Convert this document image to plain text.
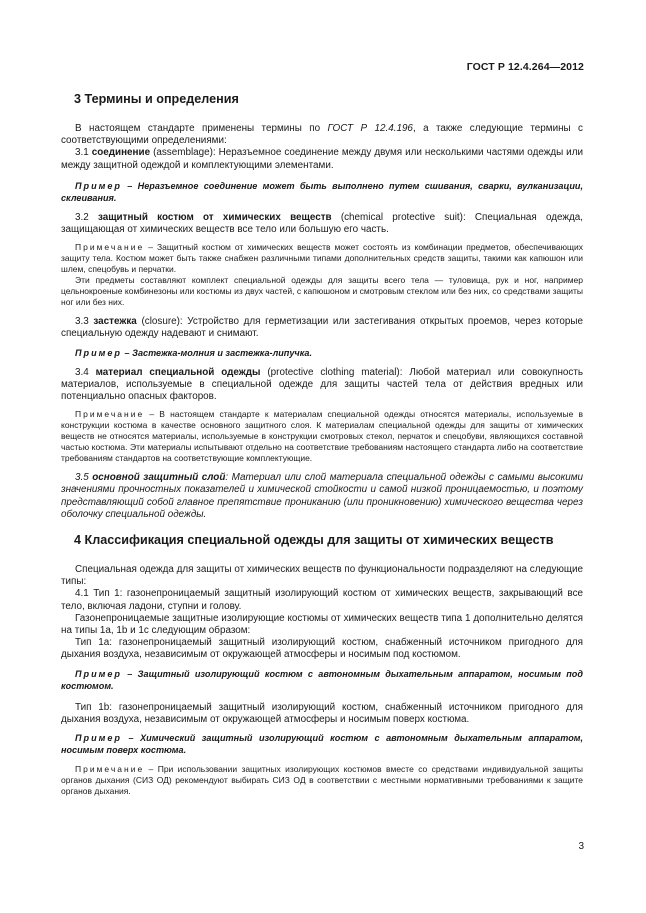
ГОСТ Р 12.4.264—2012
3 Термины и определения

В настоящем стандарте применены термины по ГОСТ Р 12.4.196, а также следующие термины с соответствующими определениями:

3.1 соединение (assemblage): Неразъемное соединение между двумя или несколькими частями одежды или между защитной одеждой и комплектующими элементами.

Пример – Неразъемное соединение может быть выполнено путем сшивания, сварки, вулканизации, склеивания.

3.2 защитный костюм от химических веществ (chemical protective suit): Специальная одежда, защищающая от химических веществ все тело или большую его часть.

Примечание – Защитный костюм от химических веществ может состоять из комбинации предметов, обеспечивающих защиту тела. Костюм может быть также снабжен различными типами дополнительных средств защиты, такими как капюшон или шлем, спецобувь и перчатки.

Эти предметы составляют комплект специальной одежды для защиты всего тела — туловища, рук и ног, например цельнокроеные комбинезоны или костюмы из двух частей, с капюшоном и смотровым стеклом или без них, со средствами защиты ног или без них.

3.3 застежка (closure): Устройство для герметизации или застегивания открытых проемов, через которые специальную одежду надевают и снимают.

Пример – Застежка-молния и застежка-липучка.

3.4 материал специальной одежды (protective clothing material): Любой материал или совокупность материалов, используемые в специальной одежде для защиты частей тела от действия вредных или потенциально опасных факторов.

Примечание – В настоящем стандарте к материалам специальной одежды относятся материалы, используемые в конструкции костюма в качестве основного защитного слоя. К материалам специальной одежды для защиты от химических веществ не относятся материалы, используемые в конструкции смотровых стекол, перчаток и спецобуви, являющихся составной частью костюма. Эти материалы испытывают отдельно на соответствие требованиям настоящего стандарта либо на соответствие требованиям стандартов на соответствующие комплектующие.

3.5 основной защитный слой: Материал или слой материала специальной одежды с самыми высокими значениями прочностных показателей и химической стойкости и самой низкой проницаемостью, и поэтому представляющий собой главное препятствие прониканию (или проникновению) химического вещества через оболочку специальной одежды.

4 Классификация специальной одежды для защиты от химических веществ

Специальная одежда для защиты от химических веществ по функциональности подразделяют на следующие типы:

4.1 Тип 1: газонепроницаемый защитный изолирующий костюм от химических веществ, закрывающий все тело, включая ладони, ступни и голову.

Газонепроницаемые защитные изолирующие костюмы от химических веществ типа 1 дополнительно делятся на типы 1a, 1b и 1c следующим образом:

Тип 1a: газонепроницаемый защитный изолирующий костюм, снабженный источником пригодного для дыхания воздуха, независимым от окружающей атмосферы и носимым под костюмом.

Пример – Защитный изолирующий костюм с автономным дыхательным аппаратом, носимым под костюмом.

Тип 1b: газонепроницаемый защитный изолирующий костюм, снабженный источником пригодного для дыхания воздуха, независимым от окружающей атмосферы и носимым поверх костюма.

Пример – Химический защитный изолирующий костюм с автономным дыхательным аппаратом, носимым поверх костюма.

Примечание – При использовании защитных изолирующих костюмов вместе со средствами индивидуальной защиты органов дыхания (СИЗ ОД) рекомендуют выбирать СИЗ ОД в соответствии с местными нормативными требованиями к защите органов дыхания.

3
